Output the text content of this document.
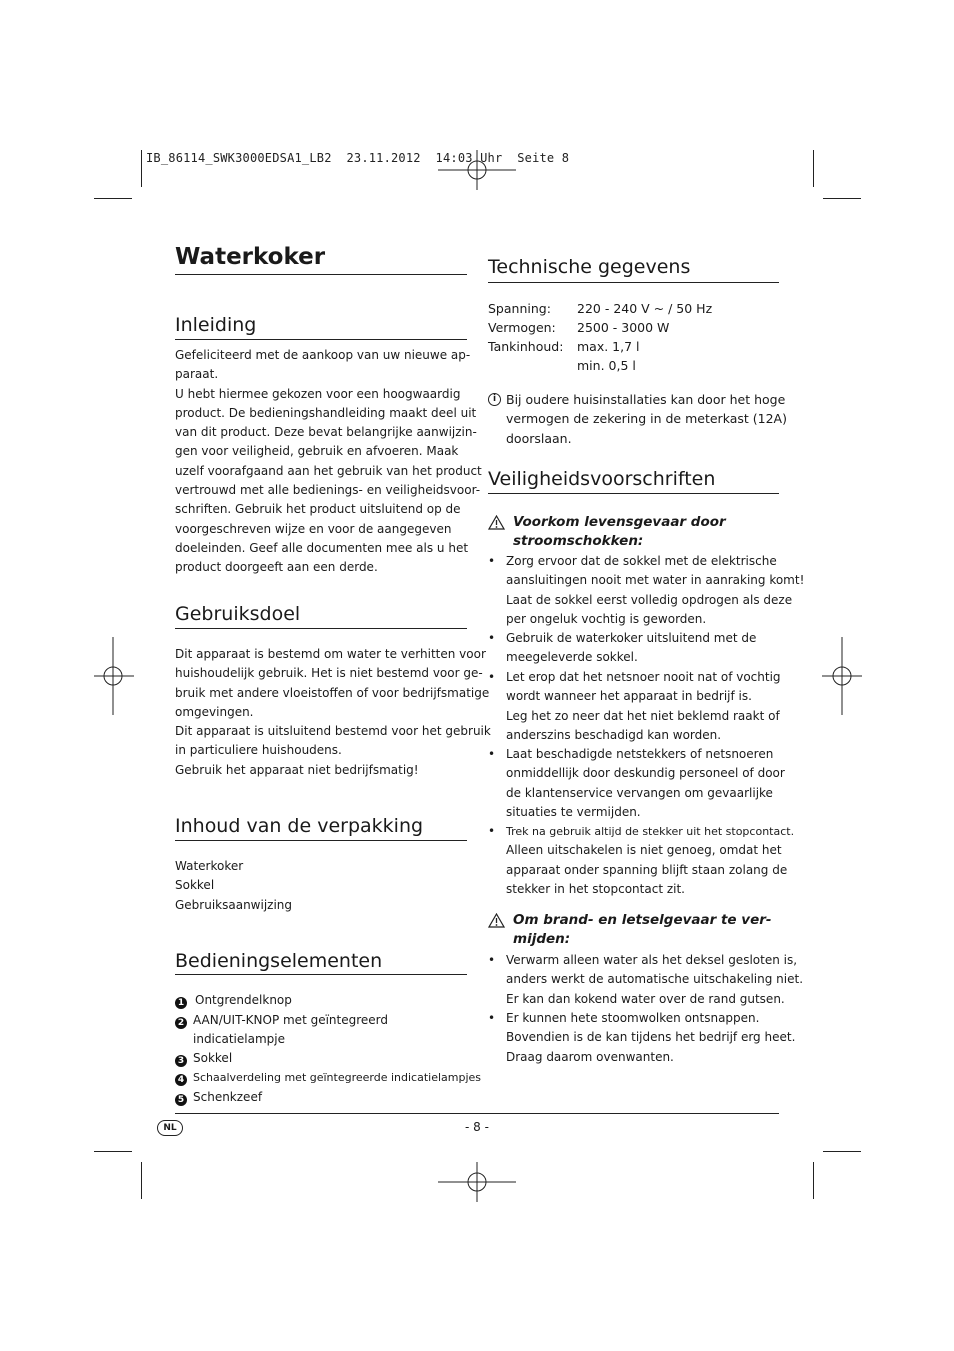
IB_86114_SWK3000EDSA1_LB2  23.11.2012  14:03 Uhr  Seite 8
Waterkoker
Inleiding
Gefeliciteerd met de aankoop van uw nieuwe ap-
paraat.
U hebt hiermee gekozen voor een hoogwaardig
product. De bedieningshandleiding maakt deel uit
van dit product. Deze bevat belangrijke aanwijzin-
gen voor veiligheid, gebruik en afvoeren. Maak
uzelf voorafgaand aan het gebruik van het product
vertrouwd met alle bedienings- en veiligheidsvoor-
schriften. Gebruik het product uitsluitend op de
voorgeschreven wijze en voor de aangegeven
doeleinden. Geef alle documenten mee als u het
product doorgeeft aan een derde.
Gebruiksdoel
Dit apparaat is bestemd om water te verhitten voor
huishoudelijk gebruik. Het is niet bestemd voor ge-
bruik met andere vloeistoffen of voor bedrijfsmatige
omgevingen.
Dit apparaat is uitsluitend bestemd voor het gebruik
in particuliere huishoudens.
Gebruik het apparaat niet bedrijfsmatig!
Inhoud van de verpakking
Waterkoker
Sokkel
Gebruiksaanwijzing
Bedieningselementen
1 Ontgrendelknop
2 AAN/UIT-KNOP met geïntegreerd
indicatielampje
3 Sokkel
4 Schaalverdeling met geïntegreerde indicatielampjes
5 Schenkzeef
Technische gegevens
Spanning: 220 - 240 V ~ / 50 Hz
Vermogen: 2500 - 3000 W
Tankinhoud: max. 1,7 l
min. 0,5 l
i Bij oudere huisinstallaties kan door het hoge
vermogen de zekering in de meterkast (12A)
doorslaan.
Veiligheidsvoorschriften
Voorkom levensgevaar door
stroomschokken:
• Zorg ervoor dat de sokkel met de elektrische
aansluitingen nooit met water in aanraking komt!
Laat de sokkel eerst volledig opdrogen als deze
per ongeluk vochtig is geworden.
• Gebruik de waterkoker uitsluitend met de
meegeleverde sokkel.
• Let erop dat het netsnoer nooit nat of vochtig
wordt wanneer het apparaat in bedrijf is.
Leg het zo neer dat het niet beklemd raakt of
anderszins beschadigd kan worden.
• Laat beschadigde netstekkers of netsnoeren
onmiddellijk door deskundig personeel of door
de klantenservice vervangen om gevaarlijke
situaties te vermijden.
• Trek na gebruik altijd de stekker uit het stopcontact.
Alleen uitschakelen is niet genoeg, omdat het
apparaat onder spanning blijft staan zolang de
stekker in het stopcontact zit.
Om brand- en letselgevaar te ver-
mijden:
• Verwarm alleen water als het deksel gesloten is,
anders werkt de automatische uitschakeling niet.
Er kan dan kokend water over de rand gutsen.
• Er kunnen hete stoomwolken ontsnappen.
Bovendien is de kan tijdens het bedrijf erg heet.
Draag daarom ovenwanten.
NL	- 8 -
